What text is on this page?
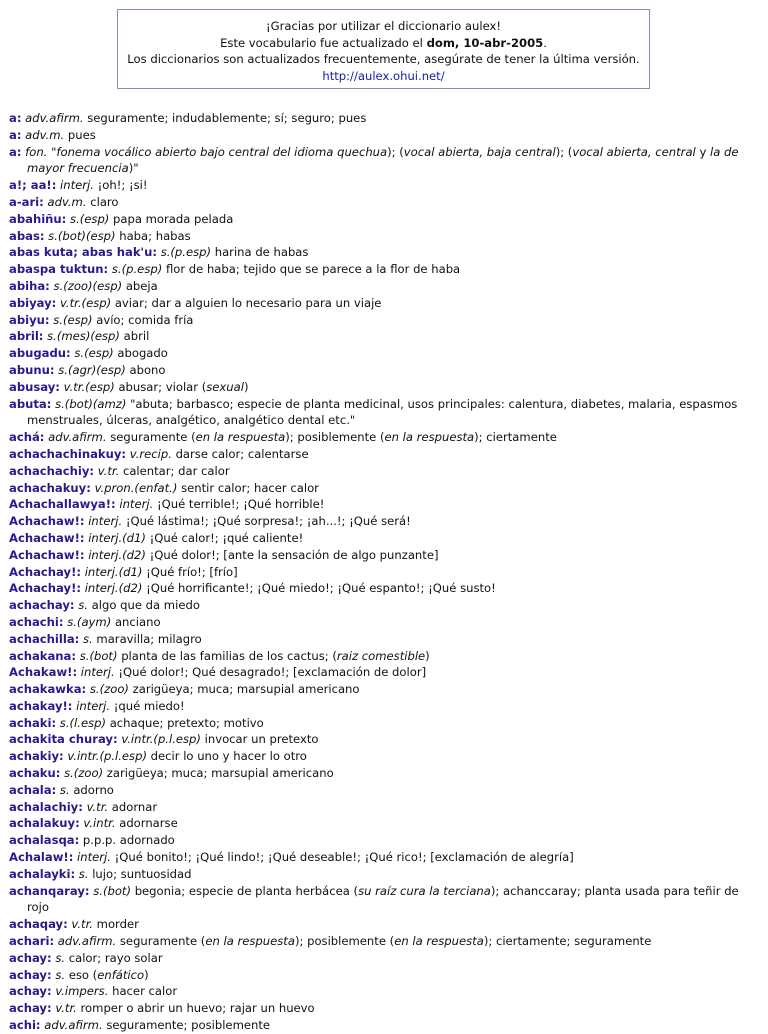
¡Gracias por utilizar el diccionario aulex!
Este vocabulario fue actualizado el dom, 10-abr-2005.
Los diccionarios son actualizados frecuentemente, asegúrate de tener la última versión.
http://aulex.ohui.net/
a: adv.afirm. seguramente; indudablemente; sí; seguro; pues
a: adv.m. pues
a: fon. "fonema vocálico abierto bajo central del idioma quechua); (vocal abierta, baja central); (vocal abierta, central y la de mayor frecuencia)"
a!; aa!: interj. ¡oh!; ¡si!
a-ari: adv.m. claro
abahiñu: s.(esp) papa morada pelada
abas: s.(bot)(esp) haba; habas
abas kuta; abas hak'u: s.(p.esp) harina de habas
abaspa tuktun: s.(p.esp) flor de haba; tejido que se parece a la flor de haba
abiha: s.(zoo)(esp) abeja
abiyay: v.tr.(esp) aviar; dar a alguien lo necesario para un viaje
abiyu: s.(esp) avío; comida fría
abril: s.(mes)(esp) abril
abugadu: s.(esp) abogado
abunu: s.(agr)(esp) abono
abusay: v.tr.(esp) abusar; violar (sexual)
abuta: s.(bot)(amz) "abuta; barbasco; especie de planta medicinal, usos principales: calentura, diabetes, malaria, espasmos menstruales, úlceras, analgético, analgético dental etc."
achá: adv.afirm. seguramente (en la respuesta); posiblemente (en la respuesta); ciertamente
achachachinakuy: v.recip. darse calor; calentarse
achachachiy: v.tr. calentar; dar calor
achachakuy: v.pron.(enfat.) sentir calor; hacer calor
Achachallawya!: interj. ¡Qué terrible!; ¡Qué horrible!
Achachaw!: interj. ¡Qué lástima!; ¡Qué sorpresa!; ¡ah...!; ¡Qué será!
Achachaw!: interj.(d1) ¡Qué calor!; ¡qué caliente!
Achachaw!: interj.(d2) ¡Qué dolor!; [ante la sensación de algo punzante]
Achachay!: interj.(d1) ¡Qué frío!; [frío]
Achachay!: interj.(d2) ¡Qué horrificante!; ¡Qué miedo!; ¡Qué espanto!; ¡Qué susto!
achachay: s. algo que da miedo
achachi: s.(aym) anciano
achachilla: s. maravilla; milagro
achakana: s.(bot) planta de las familias de los cactus; (raiz comestible)
Achakaw!: interj. ¡Qué dolor!; Qué desagrado!; [exclamación de dolor]
achakawka: s.(zoo) zarigüeya; muca; marsupial americano
achakay!: interj. ¡qué miedo!
achaki: s.(l.esp) achaque; pretexto; motivo
achakita churay: v.intr.(p.l.esp) invocar un pretexto
achakiy: v.intr.(p.l.esp) decir lo uno y hacer lo otro
achaku: s.(zoo) zarigüeya; muca; marsupial americano
achala: s. adorno
achalachiy: v.tr. adornar
achalakuy: v.intr. adornarse
achalasqa: p.p.p. adornado
Achalaw!: interj. ¡Qué bonito!; ¡Qué lindo!; ¡Qué deseable!; ¡Qué rico!; [exclamación de alegría]
achalayki: s. lujo; suntuosidad
achanqaray: s.(bot) begonia; especie de planta herbácea (su raíz cura la terciana); achanccaray; planta usada para teñir de rojo
achaqay: v.tr. morder
achari: adv.afirm. seguramente (en la respuesta); posiblemente (en la respuesta); ciertamente; seguramente
achay: s. calor; rayo solar
achay: s. eso (enfático)
achay: v.impers. hacer calor
achay: v.tr. romper o abrir un huevo; rajar un huevo
achi: adv.afirm. seguramente; posiblemente
